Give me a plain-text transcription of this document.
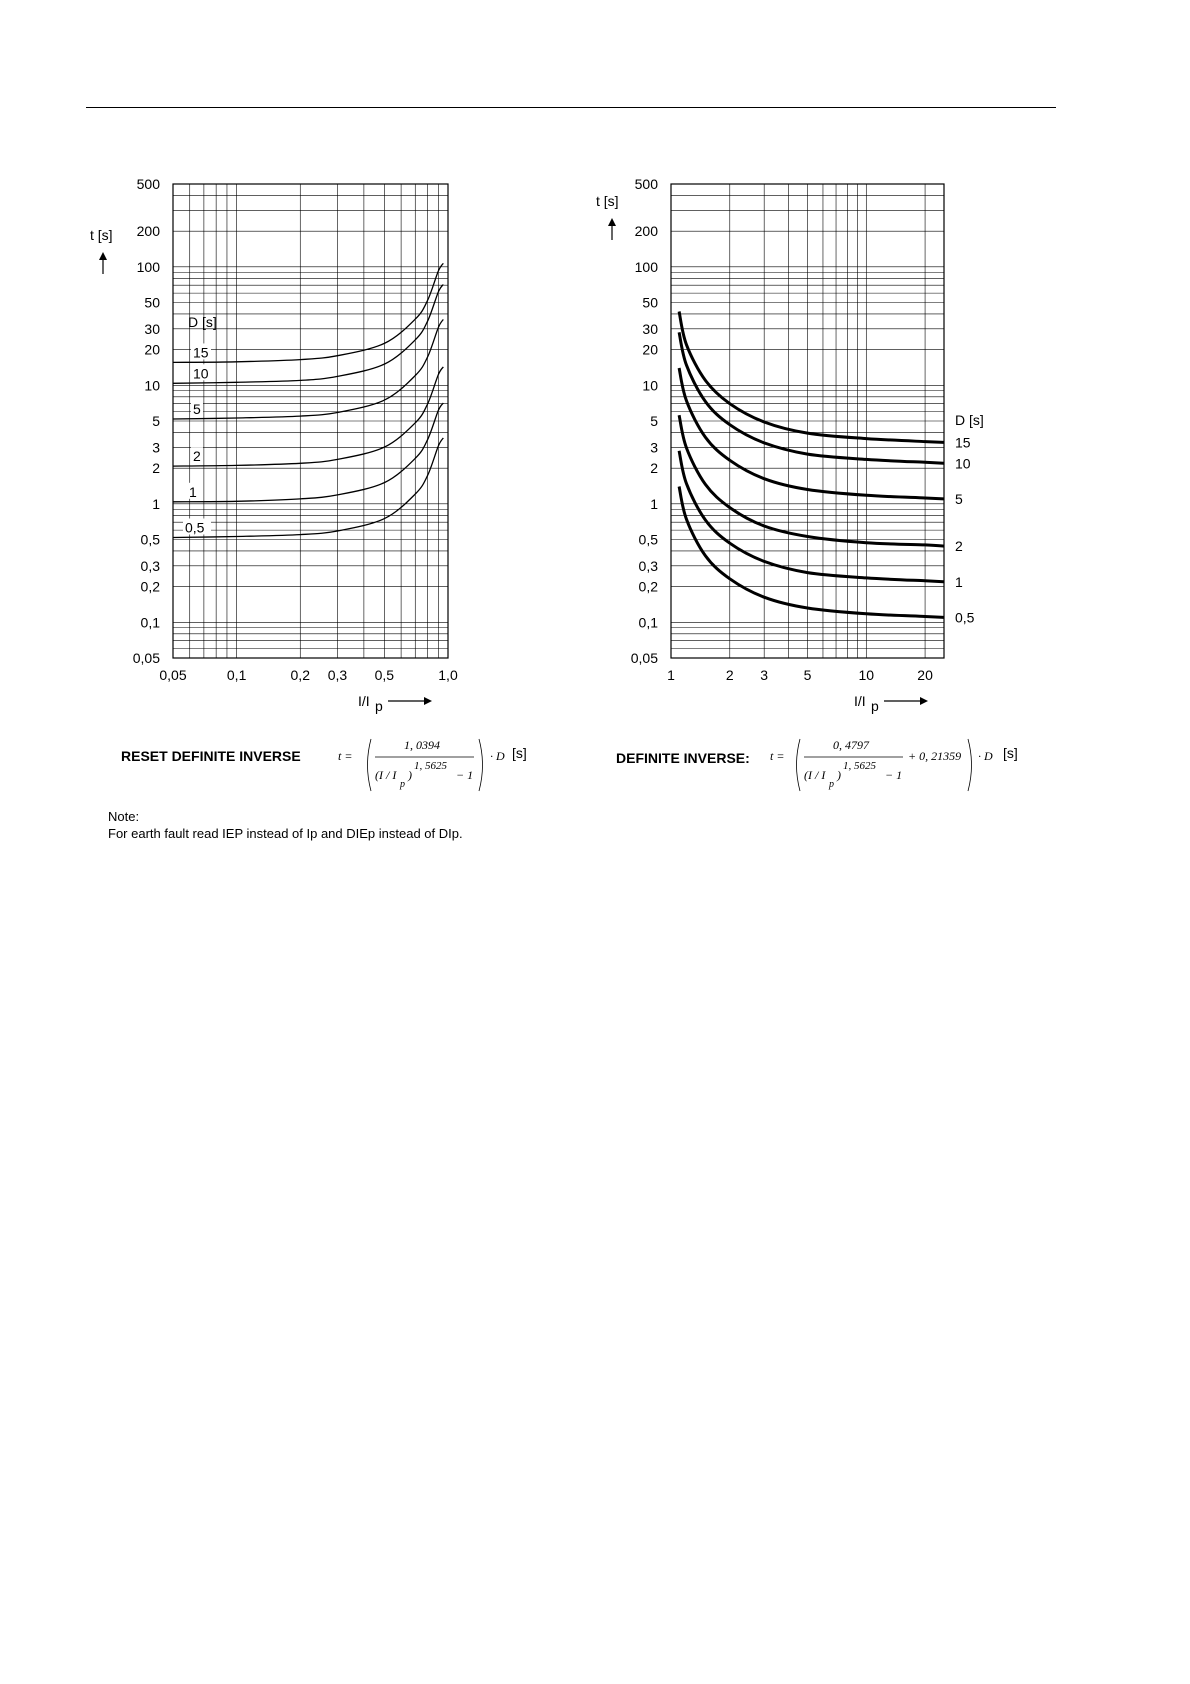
500
200
100
50
30
20
10
5
3
2
1
0,5
0,3
0,2
0,1
0,05
0,05	0,1	0,2 0,3 0,5	1,0
t [s]
I/I p
D [s]
15
10
5
2
1
0,5
500
200
100
50
30
20
10
5
3
2
1
0,5
0,3
0,2
0,1
0,05
1	2 3	5	10	20
t [s]
I/I p
D [s]
15
10
5
2
1
0,5
RESET DEFINITE INVERSE	t =
1, 0394
(I / I
p
)
1, 5625
− 1
· D [s]	DEFINITE INVERSE: t =
0, 4797
(I / I
p
)
1, 5625
− 1
+ 0, 21359 · D [s]
Note:
For earth fault read IEP instead of Ip and DIEp instead of DIp.
